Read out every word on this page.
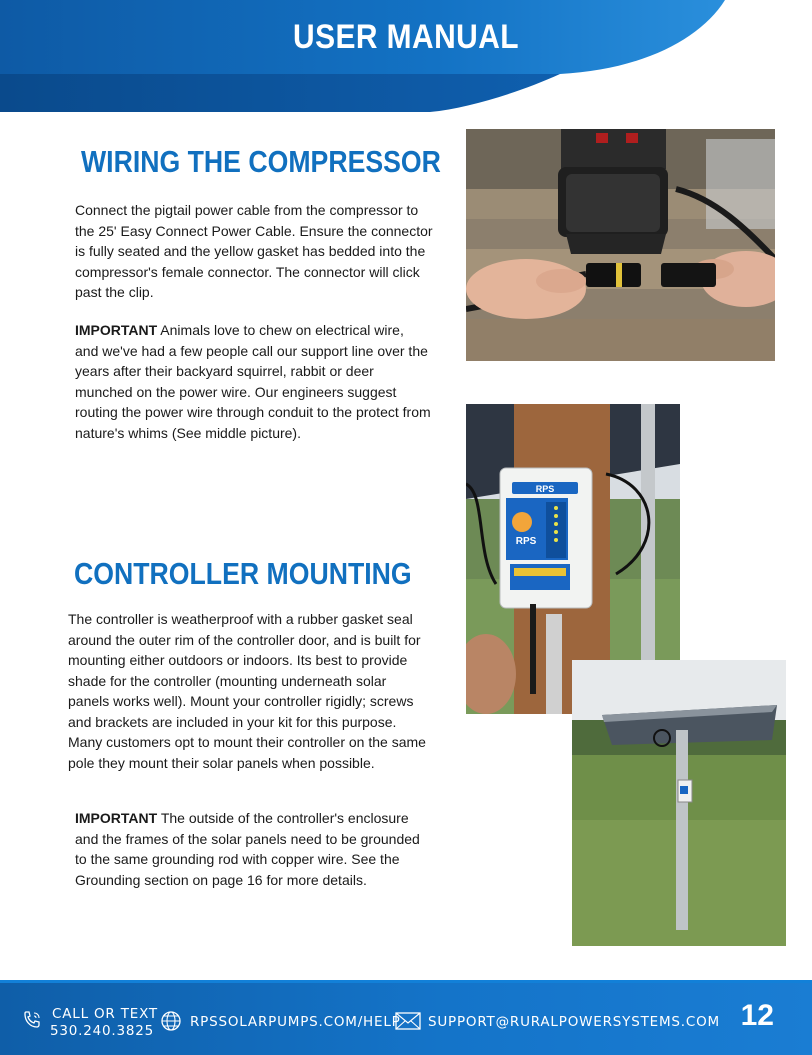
USER MANUAL
WIRING THE COMPRESSOR

Connect the pigtail power cable from the compressor to the 25' Easy Connect Power Cable. Ensure the connector is fully seated and the yellow gasket has bedded into the compressor's female connector. The connector will click past the clip.

IMPORTANT Animals love to chew on electrical wire, and we've had a few people call our support line over the years after their backyard squirrel, rabbit or deer munched on the power wire. Our engineers suggest routing the power wire through conduit to the protect from nature's whims (See middle picture).

CONTROLLER MOUNTING

The controller is weatherproof with a rubber gasket seal around the outer rim of the controller door, and is built for mounting either outdoors or indoors. Its best to provide shade for the controller (mounting underneath solar panels works well). Mount your controller rigidly; screws and brackets are included in your kit for this purpose. Many customers opt to mount their controller on the same pole they mount their solar panels when possible.

IMPORTANT The outside of the controller's enclosure and the frames of the solar panels need to be grounded to the same grounding rod with copper wire. See the Grounding section on page 16 for more details.

RPS
RPS
CALL OR TEXT
530.240.3825
RPSSOLARPUMPS.COM/HELP SUPPORT@RURALPOWERSYSTEMS.COM 12
